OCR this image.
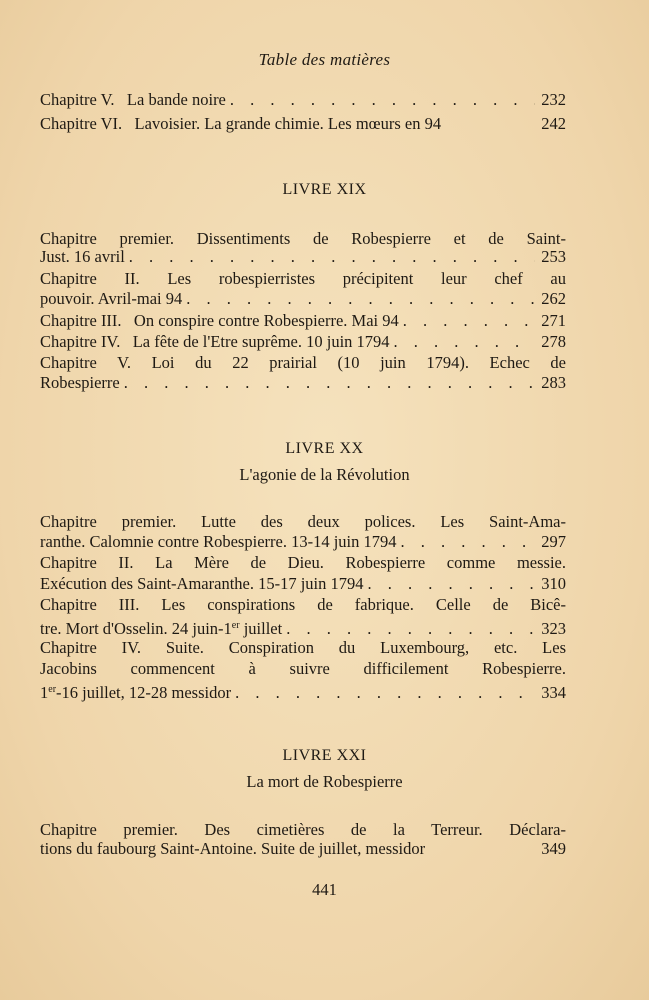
Table des matières
Chapitre V.   La bande noire . . .	232
Chapitre VI.   Lavoisier. La grande chimie. Les mœurs en 94	242
LIVRE XIX
Chapitre premier. Dissentiments de Robespierre et de Saint-
Just. 16 avril . . .	253
Chapitre II. Les robespierristes précipitent leur chef au
pouvoir. Avril-mai 94 . . .	262
Chapitre III.   On conspire contre Robespierre. Mai 94 . . .	271
Chapitre IV.   La fête de l'Etre suprême. 10 juin 1794 . . .	278
Chapitre V. Loi du 22 prairial (10 juin 1794). Echec de
Robespierre . . .	283
LIVRE XX
L'agonie de la Révolution
Chapitre premier. Lutte des deux polices. Les Saint-Ama-
ranthe. Calomnie contre Robespierre. 13-14 juin 1794 . . .	297
Chapitre II. La Mère de Dieu. Robespierre comme messie.
Exécution des Saint-Amaranthe. 15-17 juin 1794 . . .	310
Chapitre III. Les conspirations de fabrique. Celle de Bicê-
tre. Mort d'Osselin. 24 juin-1er juillet . . .	323
Chapitre IV. Suite. Conspiration du Luxembourg, etc. Les
Jacobins commencent à suivre difficilement Robespierre.
1er-16 juillet, 12-28 messidor . . .	334
LIVRE XXI
La mort de Robespierre
Chapitre premier. Des cimetières de la Terreur. Déclara-
tions du faubourg Saint-Antoine. Suite de juillet, messidor	349
441
